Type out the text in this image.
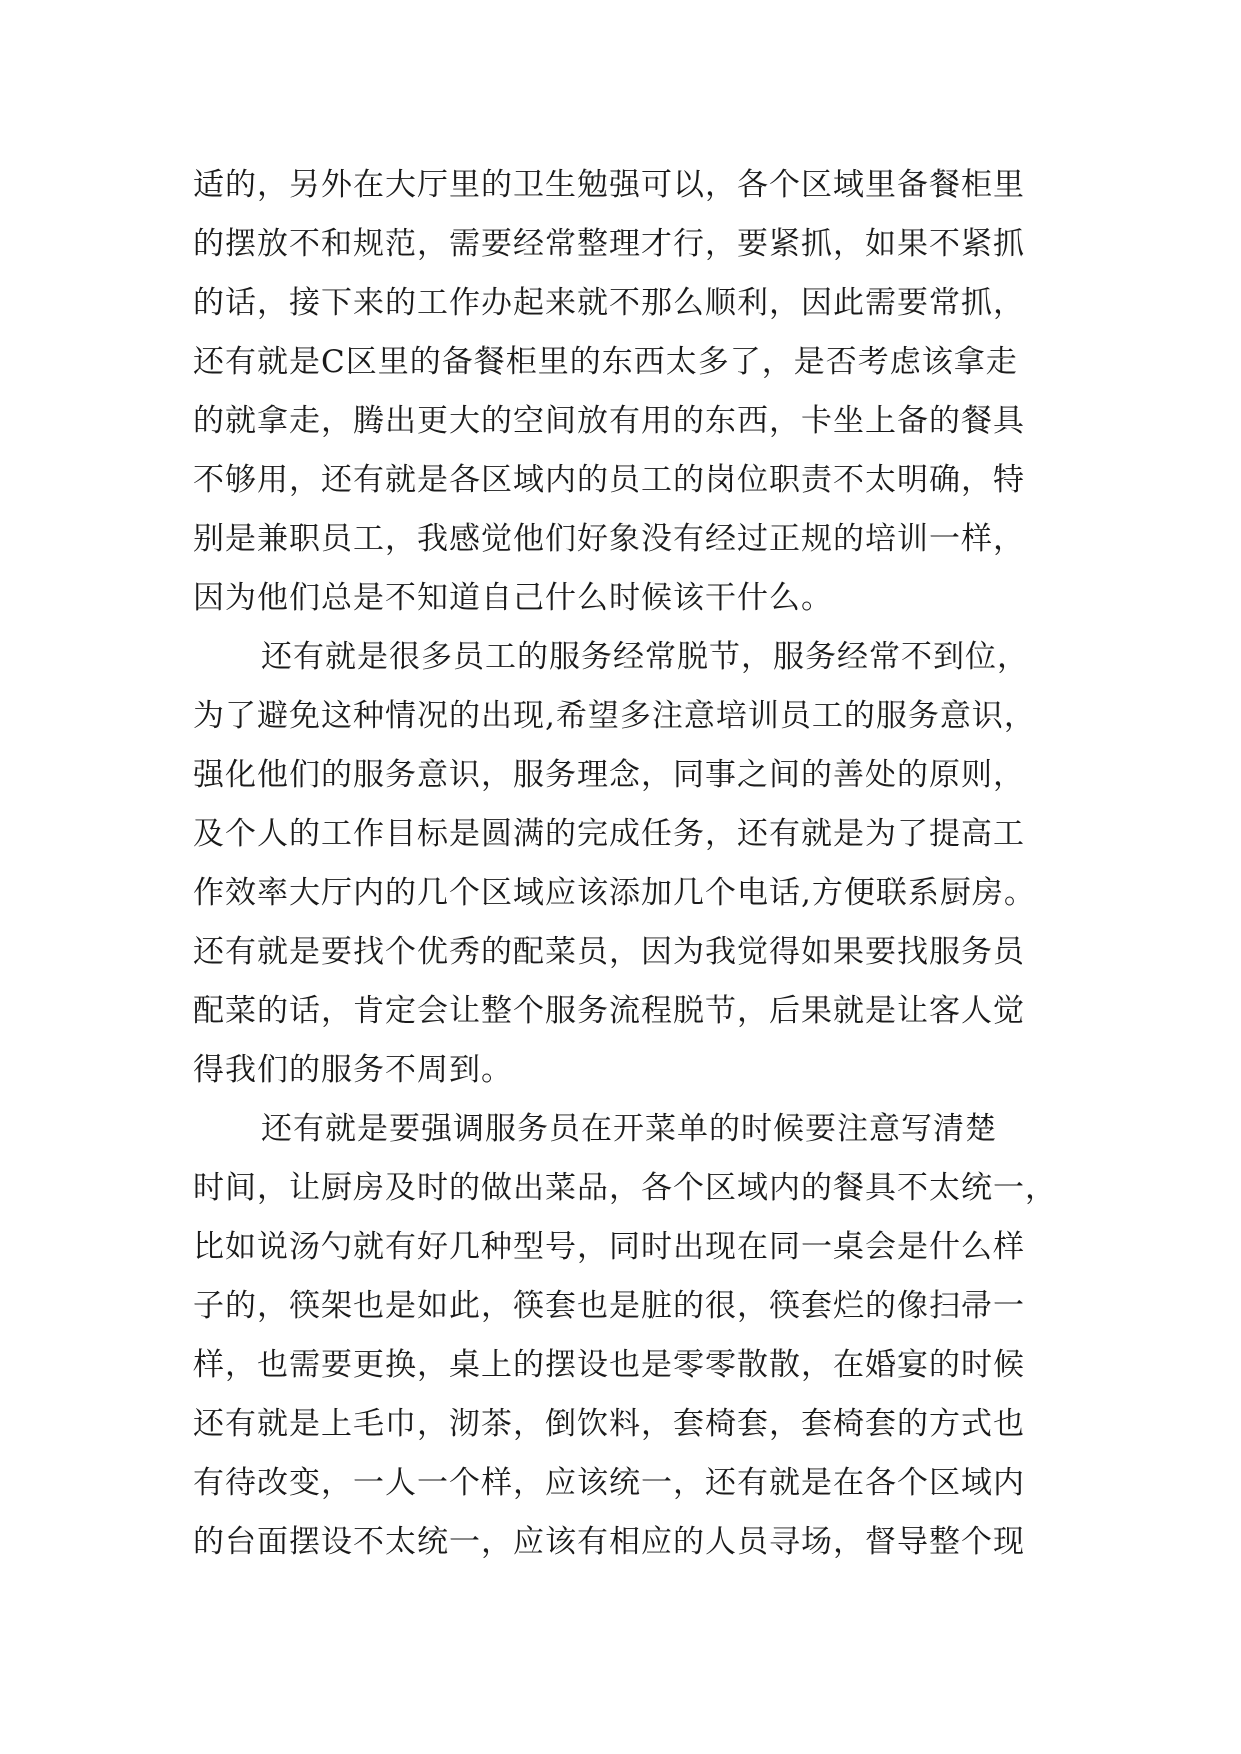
适的，另外在大厅里的卫生勉强可以，各个区域里备餐柜里
的摆放不和规范，需要经常整理才行，要紧抓，如果不紧抓
的话，接下来的工作办起来就不那么顺利，因此需要常抓，
还有就是C区里的备餐柜里的东西太多了，是否考虑该拿走
的就拿走，腾出更大的空间放有用的东西，卡坐上备的餐具
不够用，还有就是各区域内的员工的岗位职责不太明确，特
别是兼职员工，我感觉他们好象没有经过正规的培训一样，
因为他们总是不知道自己什么时候该干什么。
还有就是很多员工的服务经常脱节，服务经常不到位，
为了避免这种情况的出现,希望多注意培训员工的服务意识，
强化他们的服务意识，服务理念，同事之间的善处的原则，
及个人的工作目标是圆满的完成任务，还有就是为了提高工
作效率大厅内的几个区域应该添加几个电话,方便联系厨房。
还有就是要找个优秀的配菜员，因为我觉得如果要找服务员
配菜的话，肯定会让整个服务流程脱节，后果就是让客人觉
得我们的服务不周到。
还有就是要强调服务员在开菜单的时候要注意写清楚
时间，让厨房及时的做出菜品，各个区域内的餐具不太统一，
比如说汤勺就有好几种型号，同时出现在同一桌会是什么样
子的，筷架也是如此，筷套也是脏的很，筷套烂的像扫帚一
样，也需要更换，桌上的摆设也是零零散散，在婚宴的时候
还有就是上毛巾，沏茶，倒饮料，套椅套，套椅套的方式也
有待改变，一人一个样，应该统一，还有就是在各个区域内
的台面摆设不太统一，应该有相应的人员寻场，督导整个现
